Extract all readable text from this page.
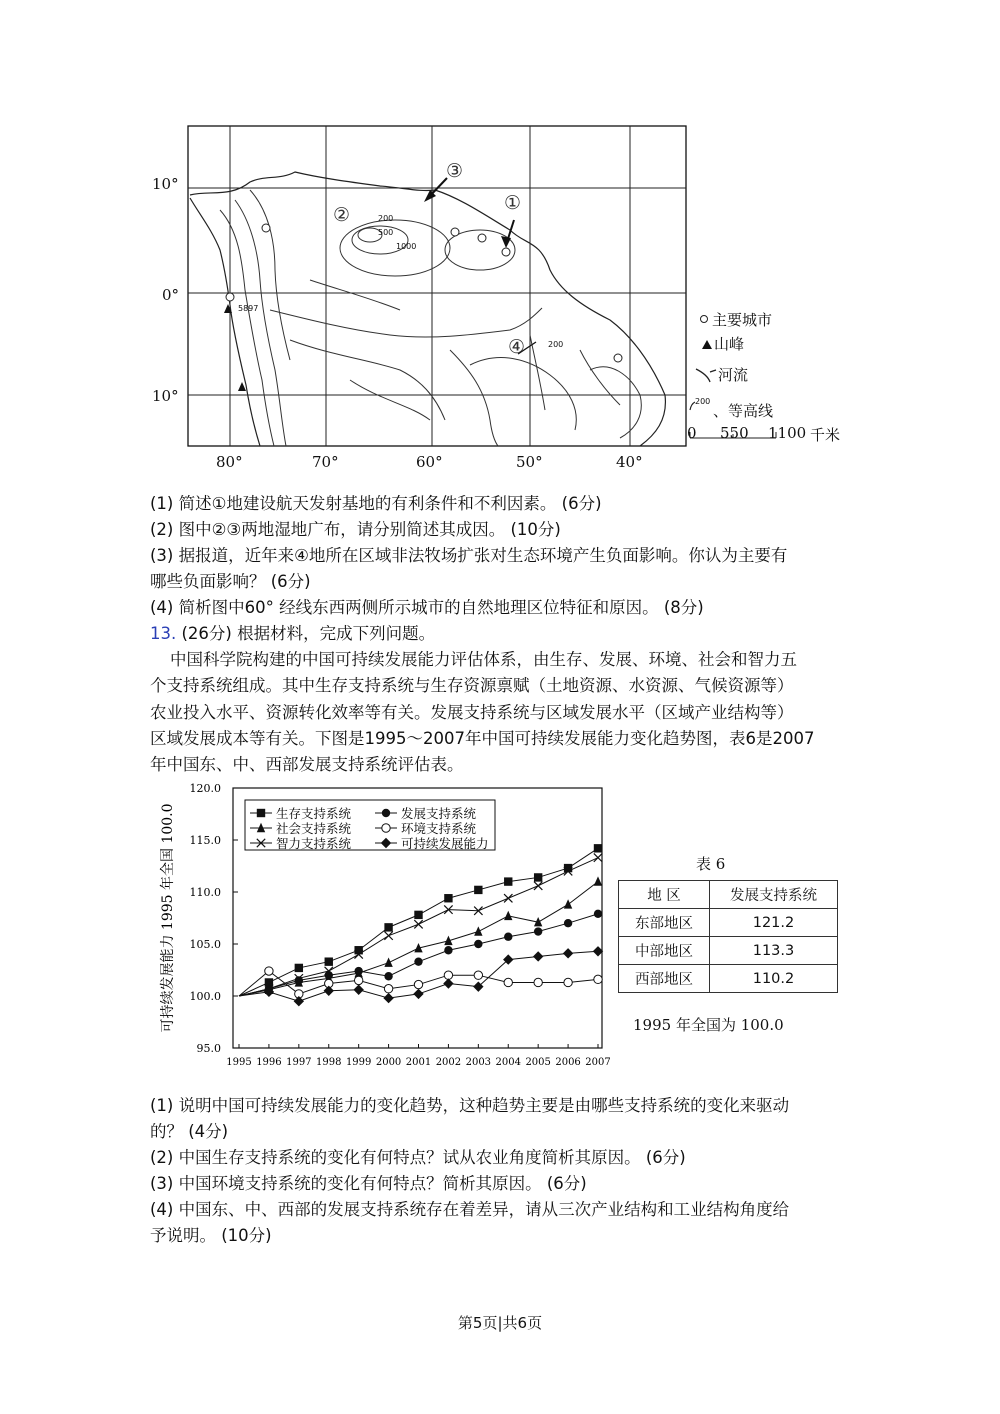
10°
0°
10°
80°	70°	60°	50°	40°
①
②
③
④
200
500
1000
200
5897
主要城市
山峰
河流
200
、等高线
0 550 1100 千米
(1) 简述①地建设航天发射基地的有利条件和不利因素。 (6分)
(2) 图中②③两地湿地广布，请分别简述其成因。 (10分)
(3) 据报道，近年来④地所在区域非法牧场扩张对生态环境产生负面影响。你认为主要有
哪些负面影响？ (6分)
(4) 简析图中60° 经线东西两侧所示城市的自然地理区位特征和原因。 (8分)
13. (26分) 根据材料，完成下列问题。

中国科学院构建的中国可持续发展能力评估体系，由生存、发展、环境、社会和智力五

个支持系统组成。其中生存支持系统与生存资源禀赋（土地资源、水资源、气候资源等）

农业投入水平、资源转化效率等有关。发展支持系统与区域发展水平（区域产业结构等）

区域发展成本等有关。下图是1995～2007年中国可持续发展能力变化趋势图，表6是2007

年中国东、中、西部发展支持系统评估表。

95.0
100.0
105.0
110.0
115.0
120.0
1995 1996 1997 1998 1999 2000 2001 2002 2003 2004 2005 2006 2007
可持续发展能力 1995 年全国 100.0	生存支持系统	发展支持系统
社会支持系统	环境支持系统
智力支持系统	可持续发展能力
表 6
地 区	发展支持系统
东部地区	121.2
中部地区	113.3
西部地区	110.2
1995 年全国为 100.0
(1) 说明中国可持续发展能力的变化趋势，这种趋势主要是由哪些支持系统的变化来驱动
的？ (4分)
(2) 中国生存支持系统的变化有何特点？试从农业角度简析其原因。 (6分)
(3) 中国环境支持系统的变化有何特点？简析其原因。 (6分)
(4) 中国东、中、西部的发展支持系统存在着差异，请从三次产业结构和工业结构角度给
予说明。 (10分)
第5页|共6页
